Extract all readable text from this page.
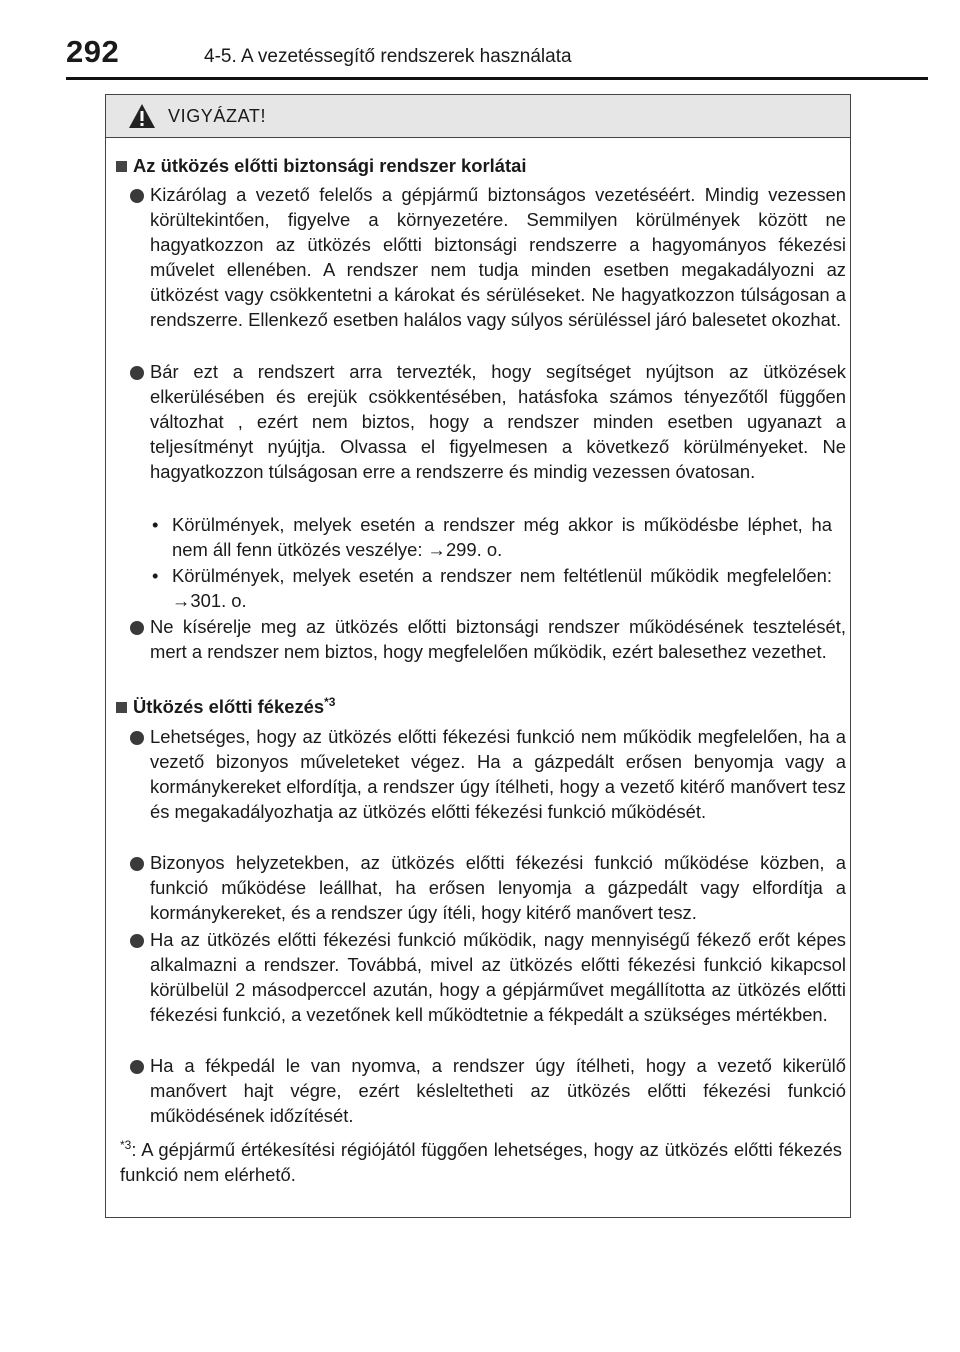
292	4-5. A vezetéssegítő rendszerek használata
VIGYÁZAT!
Az ütközés előtti biztonsági rendszer korlátai
Kizárólag a vezető felelős a gépjármű biztonságos vezetéséért. Mindig vezessen körültekintően, figyelve a környezetére. Semmilyen körülmények között ne hagyatkozzon az ütközés előtti biztonsági rendszerre a hagyományos fékezési művelet ellenében. A rendszer nem tudja minden esetben megakadályozni az ütközést vagy csökkentetni a károkat és sérüléseket. Ne hagyatkozzon túlságosan a rendszerre. Ellenkező esetben halálos vagy súlyos sérüléssel járó balesetet okozhat.
Bár ezt a rendszert arra tervezték, hogy segítséget nyújtson az ütközések elkerülésében és erejük csökkentésében, hatásfoka számos tényezőtől függően változhat , ezért nem biztos, hogy a rendszer minden esetben ugyanazt a teljesítményt nyújtja. Olvassa el figyelmesen a következő körülményeket. Ne hagyatkozzon túlságosan erre a rendszerre és mindig vezessen óvatosan.
• Körülmények, melyek esetén a rendszer még akkor is működésbe léphet, ha nem áll fenn ütközés veszélye: →299. o.
• Körülmények, melyek esetén a rendszer nem feltétlenül működik megfelelően: →301. o.
Ne kísérelje meg az ütközés előtti biztonsági rendszer működésének tesztelését, mert a rendszer nem biztos, hogy megfelelően működik, ezért balesethez vezethet.
Ütközés előtti fékezés$^{*3}$
Lehetséges, hogy az ütközés előtti fékezési funkció nem működik megfelelően, ha a vezető bizonyos műveleteket végez. Ha a gázpedált erősen benyomja vagy a kormánykereket elfordítja, a rendszer úgy ítélheti, hogy a vezető kitérő manővert tesz és megakadályozhatja az ütközés előtti fékezési funkció működését.
Bizonyos helyzetekben, az ütközés előtti fékezési funkció működése közben, a funkció működése leállhat, ha erősen lenyomja a gázpedált vagy elfordítja a kormánykereket, és a rendszer úgy ítéli, hogy kitérő manővert tesz.
Ha az ütközés előtti fékezési funkció működik, nagy mennyiségű fékező erőt képes alkalmazni a rendszer. Továbbá, mivel az ütközés előtti fékezési funkció kikapcsol körülbelül 2 másodperccel azután, hogy a gépjárművet megállította az ütközés előtti fékezési funkció, a vezetőnek kell működtetnie a fékpedált a szükséges mértékben.
Ha a fékpedál le van nyomva, a rendszer úgy ítélheti, hogy a vezető kikerülő manővert hajt végre, ezért késleltetheti az ütközés előtti fékezési funkció működésének időzítését.
$^{*3}$: A gépjármű értékesítési régiójától függően lehetséges, hogy az ütközés előtti fékezés funkció nem elérhető.
